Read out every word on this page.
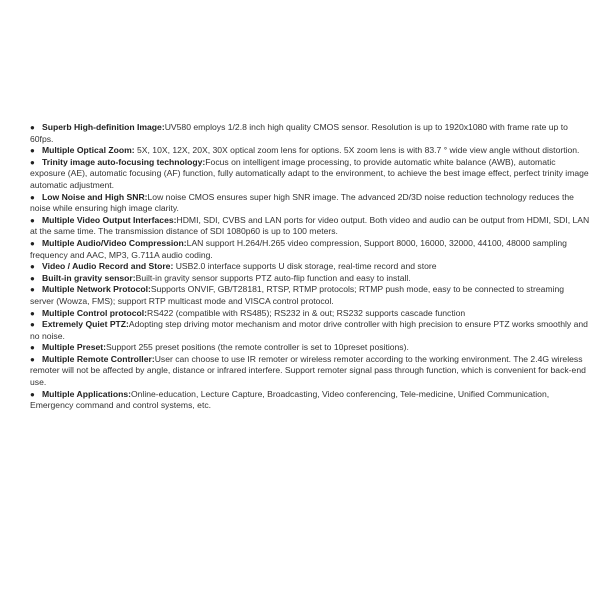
● Superb High-definition Image:UV580 employs 1/2.8 inch high quality CMOS sensor. Resolution is up to 1920x1080 with frame rate up to 60fps.

● Multiple Optical Zoom: 5X, 10X, 12X, 20X, 30X optical zoom lens for options. 5X zoom lens is with 83.7 ° wide view angle without distortion.

● Trinity image auto-focusing technology:Focus on intelligent image processing, to provide automatic white balance (AWB), automatic exposure (AE), automatic focusing (AF) function, fully automatically adapt to the environment, to achieve the best image effect, perfect trinity image automatic adjustment.

● Low Noise and High SNR:Low noise CMOS ensures super high SNR image. The advanced 2D/3D noise reduction technology reduces the noise while ensuring high image clarity.

● Multiple Video Output Interfaces:HDMI, SDI, CVBS and LAN ports for video output. Both video and audio can be output from HDMI, SDI, LAN at the same time. The transmission distance of SDI 1080p60 is up to 100 meters.

● Multiple Audio/Video Compression:LAN support H.264/H.265 video compression, Support 8000, 16000, 32000, 44100, 48000 sampling frequency and AAC, MP3, G.711A audio coding.

● Video / Audio Record and Store: USB2.0 interface supports U disk storage, real-time record and store

● Built-in gravity sensor:Built-in gravity sensor supports PTZ auto-flip function and easy to install.

● Multiple Network Protocol:Supports ONVIF, GB/T28181, RTSP, RTMP protocols; RTMP push mode, easy to be connected to streaming server (Wowza, FMS); support RTP multicast mode and VISCA control protocol.

● Multiple Control protocol:RS422 (compatible with RS485); RS232 in & out; RS232 supports cascade function

● Extremely Quiet PTZ:Adopting step driving motor mechanism and motor drive controller with high precision to ensure PTZ works smoothly and no noise.

● Multiple Preset:Support 255 preset positions (the remote controller is set to 10preset positions).

● Multiple Remote Controller:User can choose to use IR remoter or wireless remoter according to the working environment. The 2.4G wireless remoter will not be affected by angle, distance or infrared interfere. Support remoter signal pass through function, which is convenient for back-end use.

● Multiple Applications:Online-education, Lecture Capture, Broadcasting, Video conferencing, Tele-medicine, Unified Communication, Emergency command and control systems, etc.
